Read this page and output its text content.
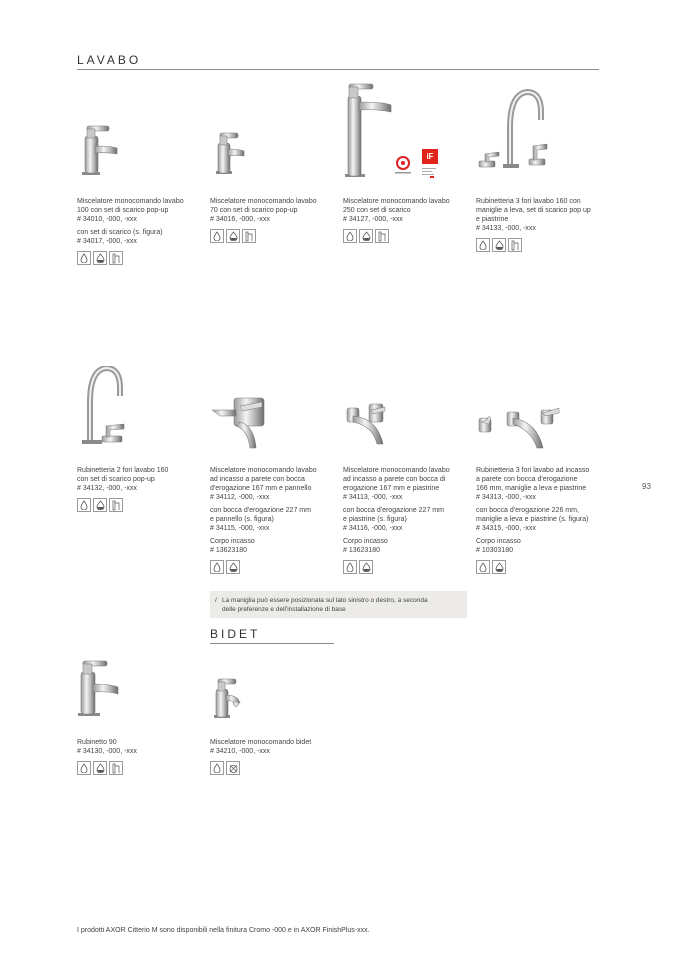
LAVABO
iF
Miscelatore monocomando lavabo
100 con set di scarico pop-up
# 34010, -000, -xxx
con set di scarico (s. figura)
# 34017, -000, -xxx
Miscelatore monocomando lavabo
70 con set di scarico pop-up
# 34016, -000, -xxx
Miscelatore monocomando lavabo
250 con set di scarico
# 34127, -000, -xxx
Rubinetteria 3 fori lavabo 160 con
maniglie a leva, set di scarico pop up
e piastrine
# 34133, -000, -xxx
Rubinetteria 2 fori lavabo 160
con set di scarico pop-up
# 34132, -000, -xxx
Miscelatore monocomando lavabo
ad incasso a parete con bocca
d'erogazione 167 mm e pannello
# 34112, -000, -xxx
con bocca d'erogazione 227 mm
e pannello (s. figura)
# 34115, -000, -xxx
Corpo incasso
# 13623180
Miscelatore monocomando lavabo
ad incasso a parete con bocca di
erogazione 167 mm e piastrine
# 34113, -000, -xxx
con bocca d'erogazione 227 mm
e piastrine (s. figura)
# 34116, -000, -xxx
Corpo incasso
# 13623180
Rubinetteria 3 fori lavabo ad incasso
a parete con bocca d'erogazione
166 mm, maniglie a leva e piastrine
# 34313, -000, -xxx
con bocca d'erogazione 226 mm,
maniglie a leva e piastrine (s. figura)
# 34315, -000, -xxx
Corpo incasso
# 10303180
93
/ La maniglia può essere posizionata sul lato sinistro o destro, a seconda
delle preferenze e dell'installazione di base
BIDET
Rubinetto 90
# 34130, -000, -xxx
Miscelatore monocomando bidet
# 34210, -000, -xxx
I prodotti AXOR Citterio M sono disponibili nella finitura Cromo -000 e in AXOR FinishPlus-xxx.
